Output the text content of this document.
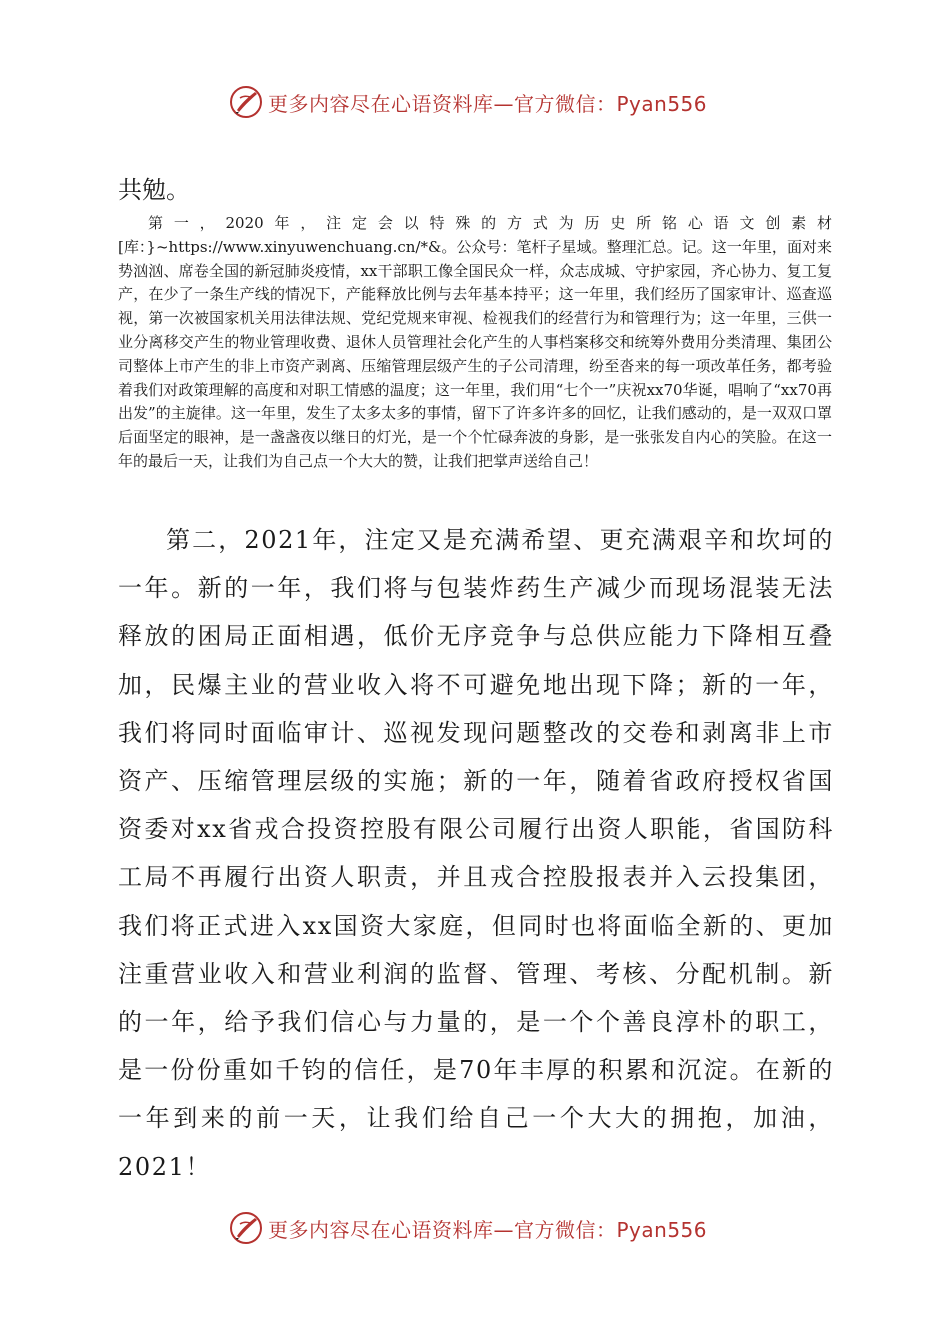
更多内容尽在心语资料库—官方微信：Pyan556

共勉。

第一，2020年，注定会以特殊的方式为历史所铭心语文创素材[库：}~https://www.xinyuwenchuang.cn/*&。公众号：笔杆子星域。整理汇总。记。这一年里，面对来势汹汹、席卷全国的新冠肺炎疫情，xx干部职工像全国民众一样，众志成城、守护家园，齐心协力、复工复产，在少了一条生产线的情况下，产能释放比例与去年基本持平；这一年里，我们经历了国家审计、巡查巡视，第一次被国家机关用法律法规、党纪党规来审视、检视我们的经营行为和管理行为；这一年里，三供一业分离移交产生的物业管理收费、退休人员管理社会化产生的人事档案移交和统筹外费用分类清理、集团公司整体上市产生的非上市资产剥离、压缩管理层级产生的子公司清理，纷至沓来的每一项改革任务，都考验着我们对政策理解的高度和对职工情感的温度；这一年里，我们用“七个一”庆祝xx70华诞，唱响了“xx70再出发”的主旋律。这一年里，发生了太多太多的事情，留下了许多许多的回忆，让我们感动的，是一双双口罩后面坚定的眼神，是一盏盏夜以继日的灯光，是一个个忙碌奔波的身影，是一张张发自内心的笑脸。在这一年的最后一天，让我们为自己点一个大大的赞，让我们把掌声送给自己！

第二，2021年，注定又是充满希望、更充满艰辛和坎坷的一年。新的一年，我们将与包装炸药生产减少而现场混装无法释放的困局正面相遇，低价无序竞争与总供应能力下降相互叠加，民爆主业的营业收入将不可避免地出现下降；新的一年，我们将同时面临审计、巡视发现问题整改的交卷和剥离非上市资产、压缩管理层级的实施；新的一年，随着省政府授权省国资委对xx省戎合投资控股有限公司履行出资人职能，省国防科工局不再履行出资人职责，并且戎合控股报表并入云投集团，我们将正式进入xx国资大家庭，但同时也将面临全新的、更加注重营业收入和营业利润的监督、管理、考核、分配机制。新的一年，给予我们信心与力量的，是一个个善良淳朴的职工，是一份份重如千钧的信任，是70年丰厚的积累和沉淀。在新的一年到来的前一天，让我们给自己一个大大的拥抱，加油，2021！

更多内容尽在心语资料库—官方微信：Pyan556
